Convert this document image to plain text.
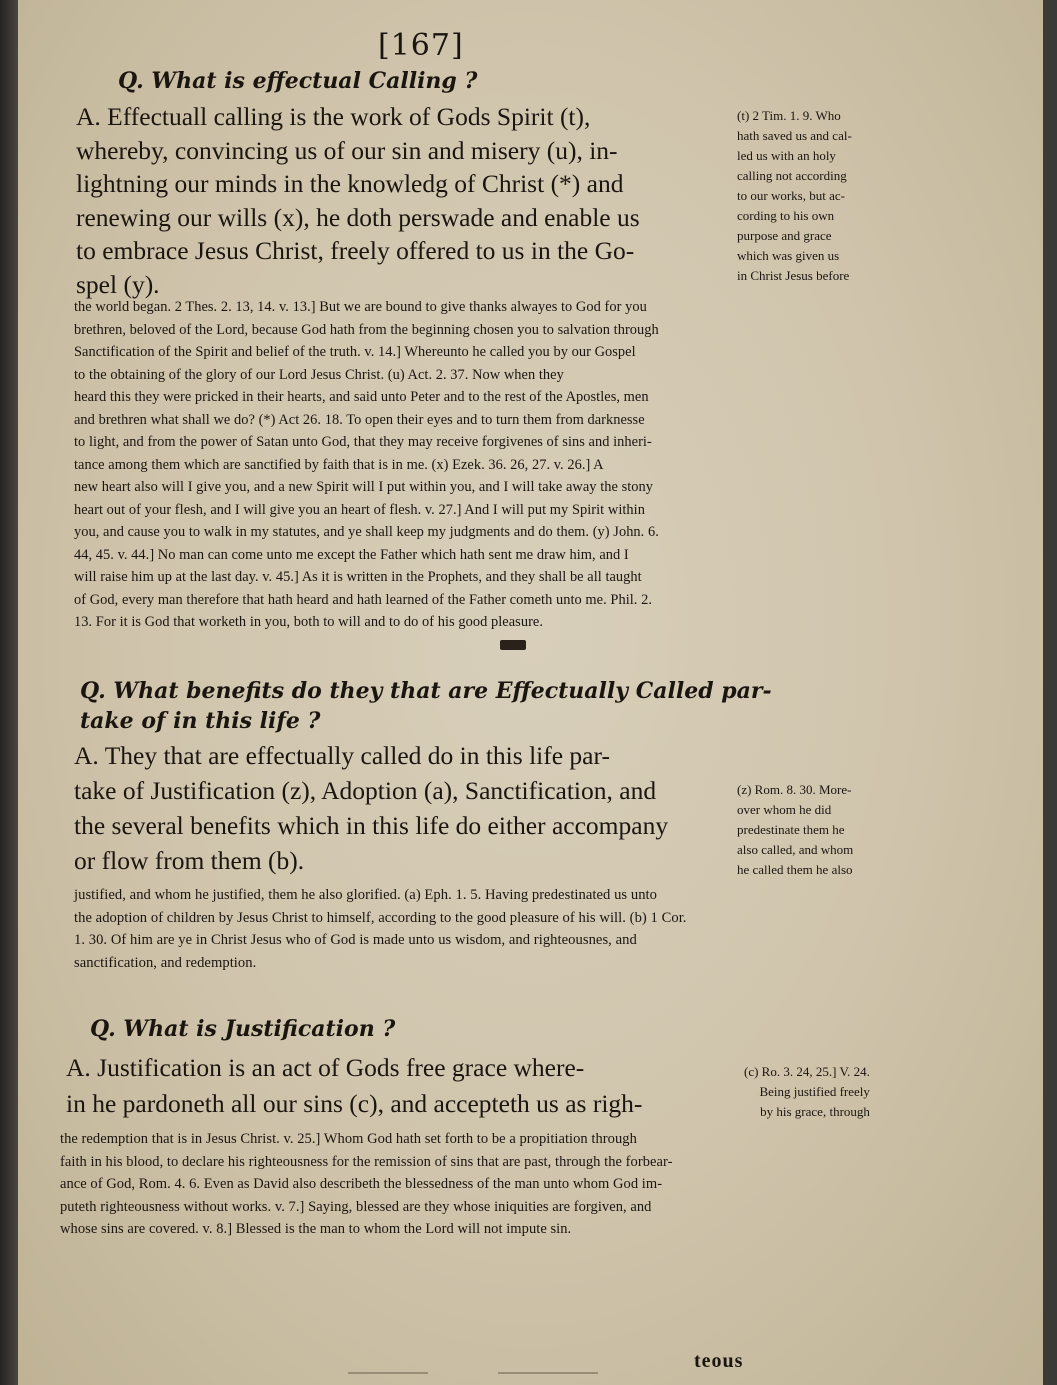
[167]
Q. What is effectual Calling ?
A. Effectuall calling is the work of Gods Spirit (t),
whereby, convincing us of our sin and misery (u), in-
lightning our minds in the knowledg of Christ (*) and
renewing our wills (x), he doth perswade and enable us
to embrace Jesus Christ, freely offered to us in the Go-
spel (y).
(t) 2 Tim. 1. 9. Who
hath saved us and cal-
led us with an holy
calling not according
to our works, but ac-
cording to his own
purpose and grace
which was given us
in Christ Jesus before
the world began. 2 Thes. 2. 13, 14. v. 13.] But we are bound to give thanks alwayes to God for you
brethren, beloved of the Lord, because God hath from the beginning chosen you to salvation through
Sanctification of the Spirit and belief of the truth. v. 14.] Whereunto he called you by our Gospel
to the obtaining of the glory of our Lord Jesus Christ. (u) Act. 2. 37. Now when they
heard this they were pricked in their hearts, and said unto Peter and to the rest of the Apostles, men
and brethren what shall we do? (*) Act 26. 18. To open their eyes and to turn them from darknesse
to light, and from the power of Satan unto God, that they may receive forgivenes of sins and inheri-
tance among them which are sanctified by faith that is in me. (x) Ezek. 36. 26, 27. v. 26.] A
new heart also will I give you, and a new Spirit will I put within you, and I will take away the stony
heart out of your flesh, and I will give you an heart of flesh. v. 27.] And I will put my Spirit within
you, and cause you to walk in my statutes, and ye shall keep my judgments and do them. (y) John. 6.
44, 45. v. 44.] No man can come unto me except the Father which hath sent me draw him, and I
will raise him up at the last day. v. 45.] As it is written in the Prophets, and they shall be all taught
of God, every man therefore that hath heard and hath learned of the Father cometh unto me. Phil. 2.
13. For it is God that worketh in you, both to will and to do of his good pleasure.
Q. What benefits do they that are Effectually Called par-
take of in this life ?
A. They that are effectually called do in this life par-
take of Justification (z), Adoption (a), Sanctification, and
the several benefits which in this life do either accompany
or flow from them (b).
(z) Rom. 8. 30. More-
over whom he did
predestinate them he
also called, and whom
he called them he also
justified, and whom he justified, them he also glorified. (a) Eph. 1. 5. Having predestinated us unto
the adoption of children by Jesus Christ to himself, according to the good pleasure of his will. (b) 1 Cor.
1. 30. Of him are ye in Christ Jesus who of God is made unto us wisdom, and righteousnes, and
sanctification, and redemption.
Q. What is Justification ?
A. Justification is an act of Gods free grace where-
in he pardoneth all our sins (c), and accepteth us as righ-
(c) Ro. 3. 24, 25.] V. 24.
Being justified freely
by his grace, through
the redemption that is in Jesus Christ. v. 25.] Whom God hath set forth to be a propitiation through
faith in his blood, to declare his righteousness for the remission of sins that are past, through the forbear-
ance of God, Rom. 4. 6. Even as David also describeth the blessedness of the man unto whom God im-
puteth righteousness without works. v. 7.] Saying, blessed are they whose iniquities are forgiven, and
whose sins are covered. v. 8.] Blessed is the man to whom the Lord will not impute sin.
teous
